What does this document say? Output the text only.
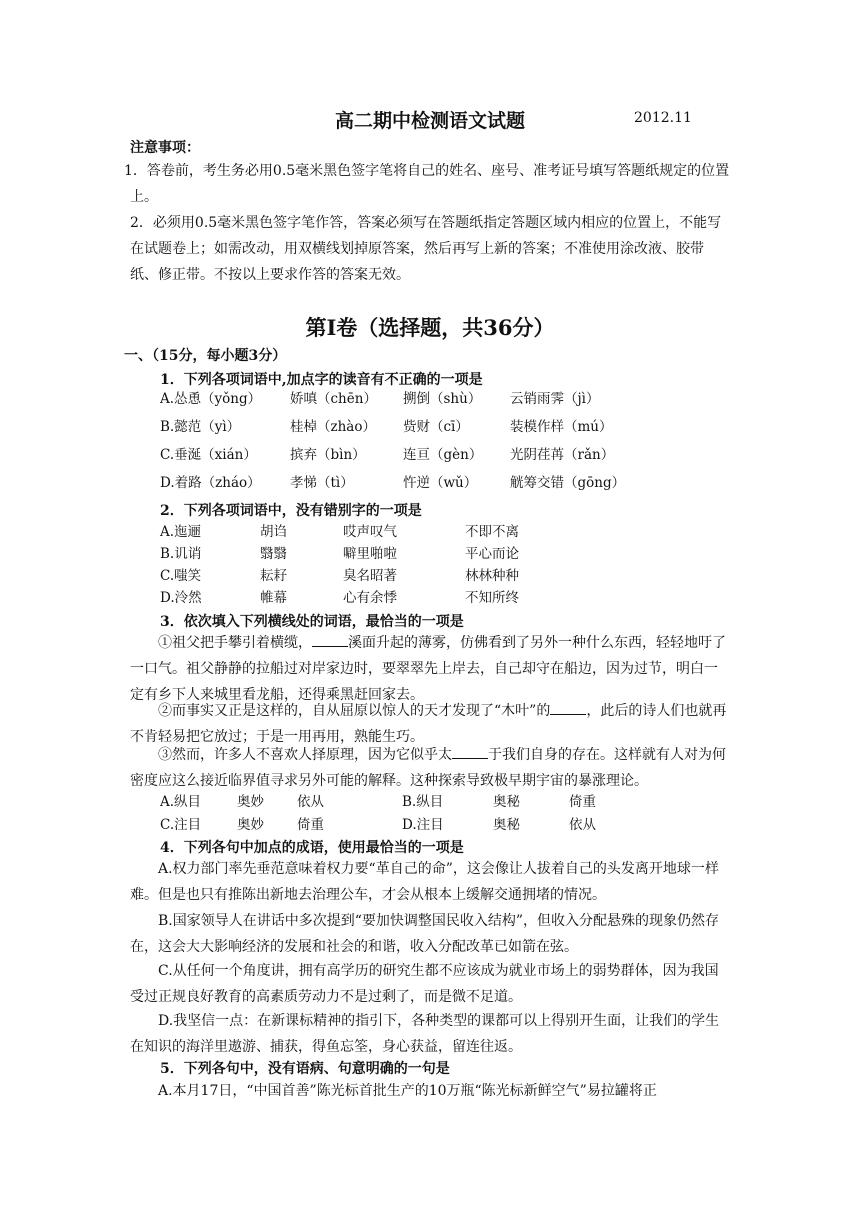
高二期中检测语文试题	2012.11
注意事项：
1．答卷前，考生务必用0.5毫米黑色签字笔将自己的姓名、座号、准考证号填写答题纸规定的位置上。
2．必须用0.5毫米黑色签字笔作答，答案必须写在答题纸指定答题区域内相应的位置上，不能写在试题卷上；如需改动，用双横线划掉原答案，然后再写上新的答案；不准使用涂改液、胶带纸、修正带。不按以上要求作答的答案无效。
第Ⅰ卷（选择题，共36分）
一、（15分，每小题3分）
1．下列各项词语中,加点字的读音有不正确的一项是
A.怂恿（yǒng） 娇嗔（chēn） 搠倒（shù） 云销雨霁（jì）
B.懿范（yì）	桂棹（zhào） 赀财（cī）	装模作样（mú）
C.垂涎（xián） 摈弃（bìn）	连亘（gèn） 光阴荏苒（rǎn）
D.着路（zháo） 孝悌（tì）	忤逆（wǔ） 觥筹交错（gōng）
2．下列各项词语中，没有错别字的一项是
A.迤逦	胡诌	哎声叹气	不即不离
B.讥诮	翳翳	噼里啪啦	平心而论
C.嗤笑	耘耔	臭名昭著	林林种种
D.泠然	帷幕	心有余悸	不知所终
3．依次填入下列横线处的词语，最恰当的一项是
①祖父把手攀引着横缆，	溪面升起的薄雾，仿佛看到了另外一种什么东西，轻轻地吁了一口气。祖父静静的拉船过对岸家边时，要翠翠先上岸去，自己却守在船边，因为过节，明白一定有乡下人来城里看龙船，还得乘黑赶回家去。
②而事实又正是这样的，自从屈原以惊人的天才发现了“木叶”的	，此后的诗人们也就再不肯轻易把它放过；于是一用再用，熟能生巧。
③然而，许多人不喜欢人择原理，因为它似乎太	于我们自身的存在。这样就有人对为何密度应这么接近临界值寻求另外可能的解释。这种探索导致极早期宇宙的暴涨理论。
A.纵目	奥妙 依从	B.纵目	奥秘	倚重
C.注目	奥妙 倚重	D.注目	奥秘	依从
4．下列各句中加点的成语，使用最恰当的一项是
A.权力部门率先垂范意味着权力要“革自己的命”，这会像让人拔着自己的头发离开地球一样难。但是也只有推陈出新地去治理公车，才会从根本上缓解交通拥堵的情况。
B.国家领导人在讲话中多次提到“要加快调整国民收入结构”，但收入分配悬殊的现象仍然存在，这会大大影响经济的发展和社会的和谐，收入分配改革已如箭在弦。
C.从任何一个角度讲，拥有高学历的研究生都不应该成为就业市场上的弱势群体，因为我国受过正规良好教育的高素质劳动力不是过剩了，而是微不足道。
D.我坚信一点：在新课标精神的指引下，各种类型的课都可以上得别开生面，让我们的学生在知识的海洋里遨游、捕获，得鱼忘筌，身心获益，留连往返。
5．下列各句中，没有语病、句意明确的一句是
A.本月17日，“中国首善”陈光标首批生产的10万瓶“陈光标新鲜空气”易拉罐将正
